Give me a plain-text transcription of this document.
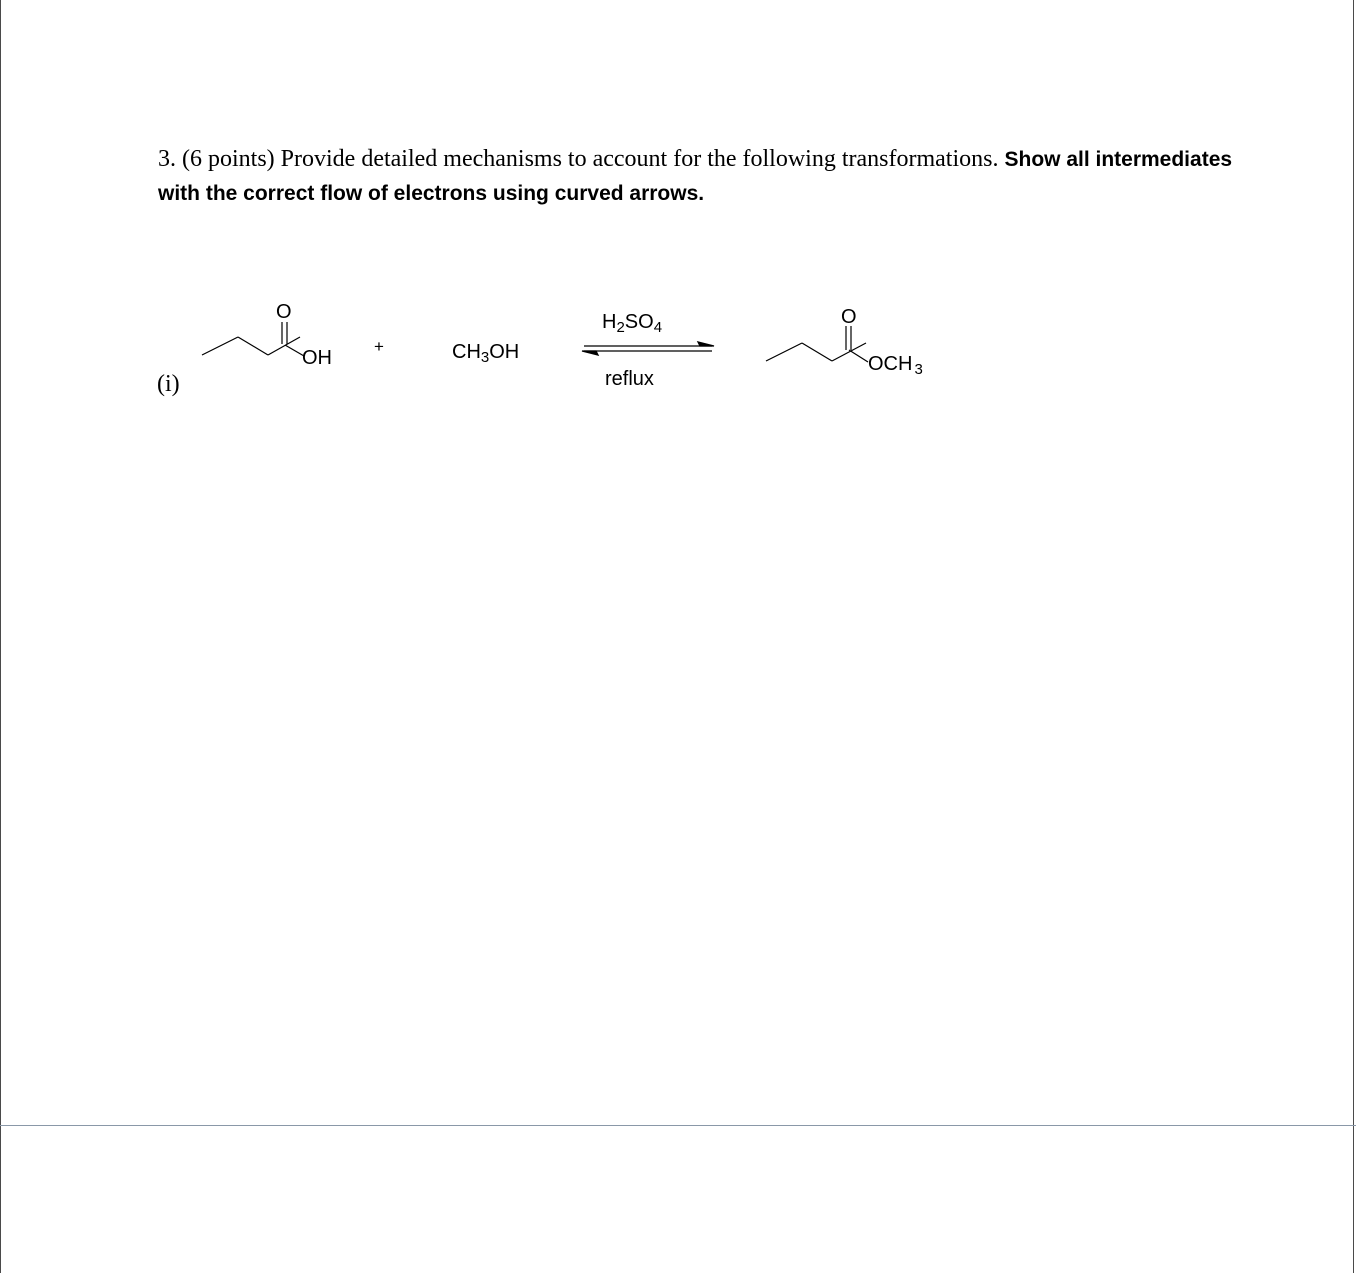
3. (6 points) Provide detailed mechanisms to account for the following transformations. Show all intermediates with the correct flow of electrons using curved arrows.
(i)
O
OH
+	$CH_3OH$
$H_2SO_4$
reflux
O
OCH $_3$
